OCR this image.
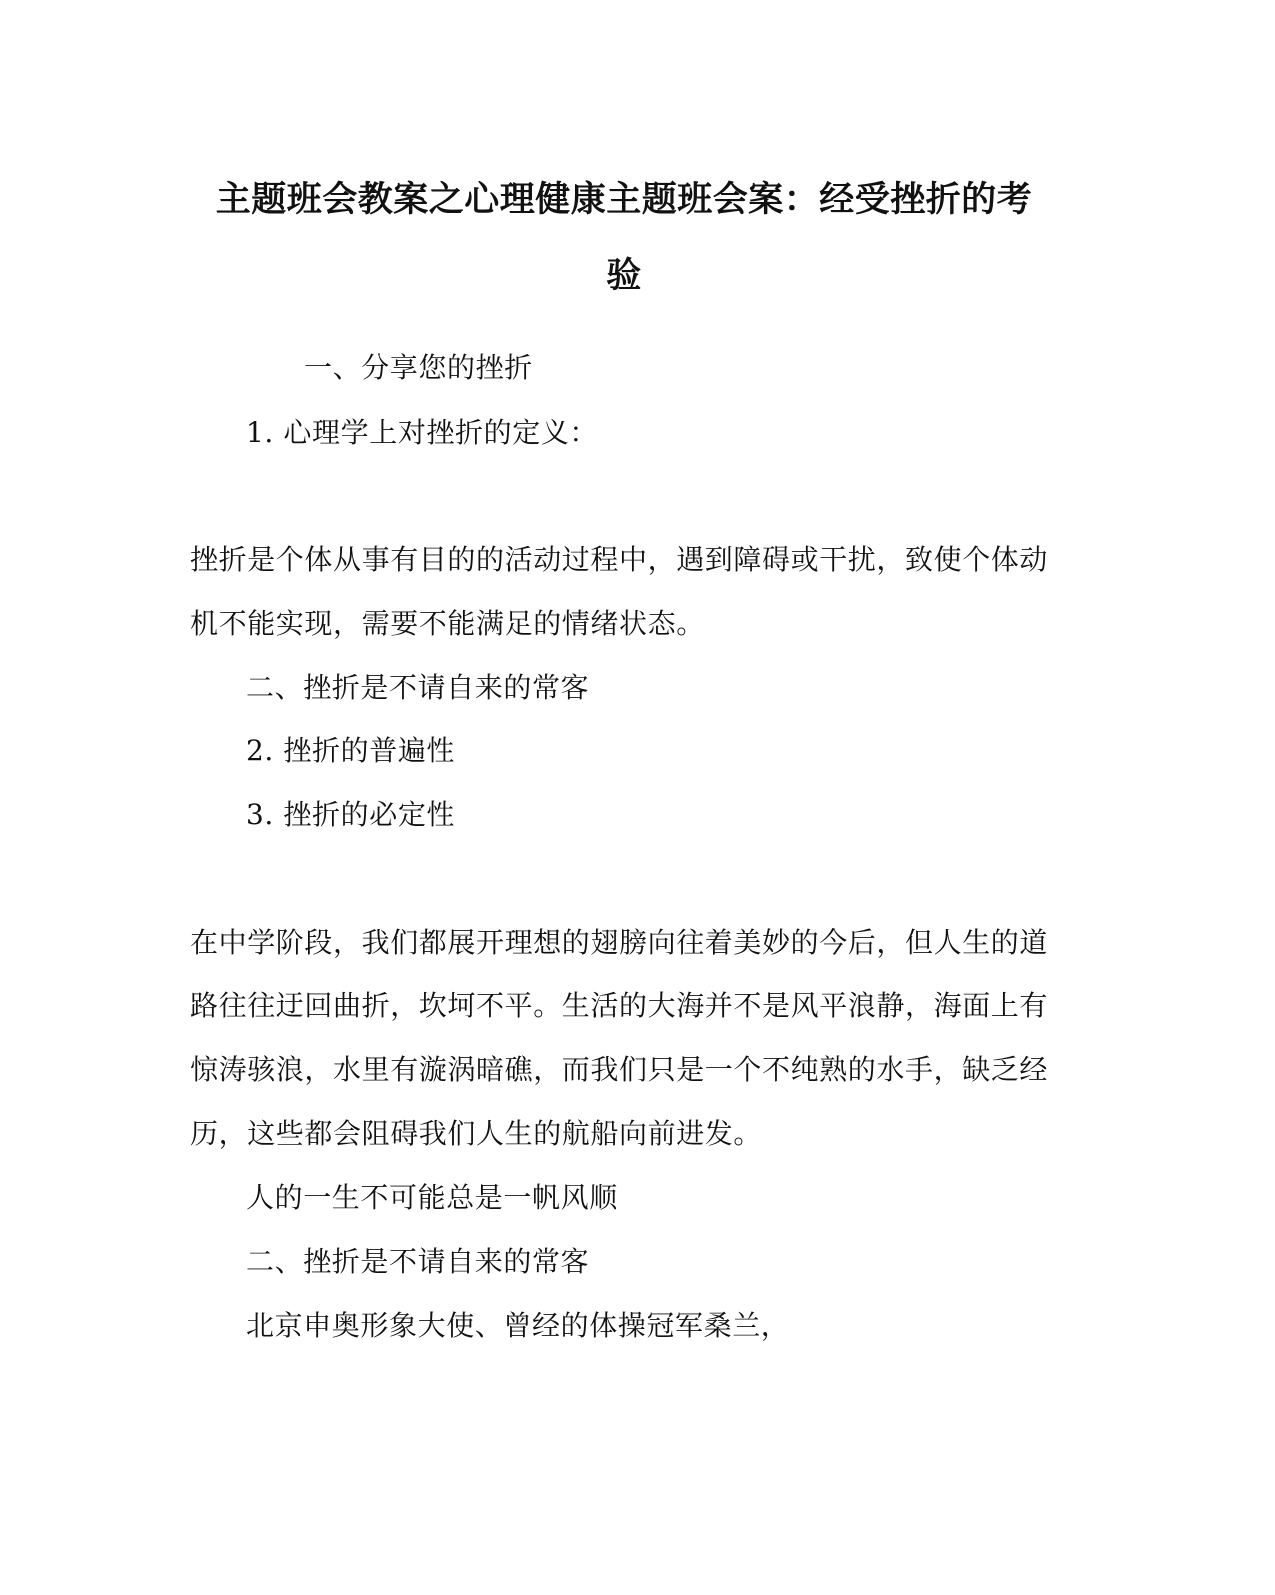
主题班会教案之心理健康主题班会案：经受挫折的考
验
一、分享您的挫折
1. 心理学上对挫折的定义：
挫折是个体从事有目的的活动过程中，遇到障碍或干扰，致使个体动
机不能实现，需要不能满足的情绪状态。
二、挫折是不请自来的常客
2. 挫折的普遍性
3. 挫折的必定性
在中学阶段，我们都展开理想的翅膀向往着美妙的今后，但人生的道
路往往迂回曲折，坎坷不平。生活的大海并不是风平浪静，海面上有
惊涛骇浪，水里有漩涡暗礁，而我们只是一个不纯熟的水手，缺乏经
历，这些都会阻碍我们人生的航船向前进发。
人的一生不可能总是一帆风顺
二、挫折是不请自来的常客
北京申奥形象大使、曾经的体操冠军桑兰，
